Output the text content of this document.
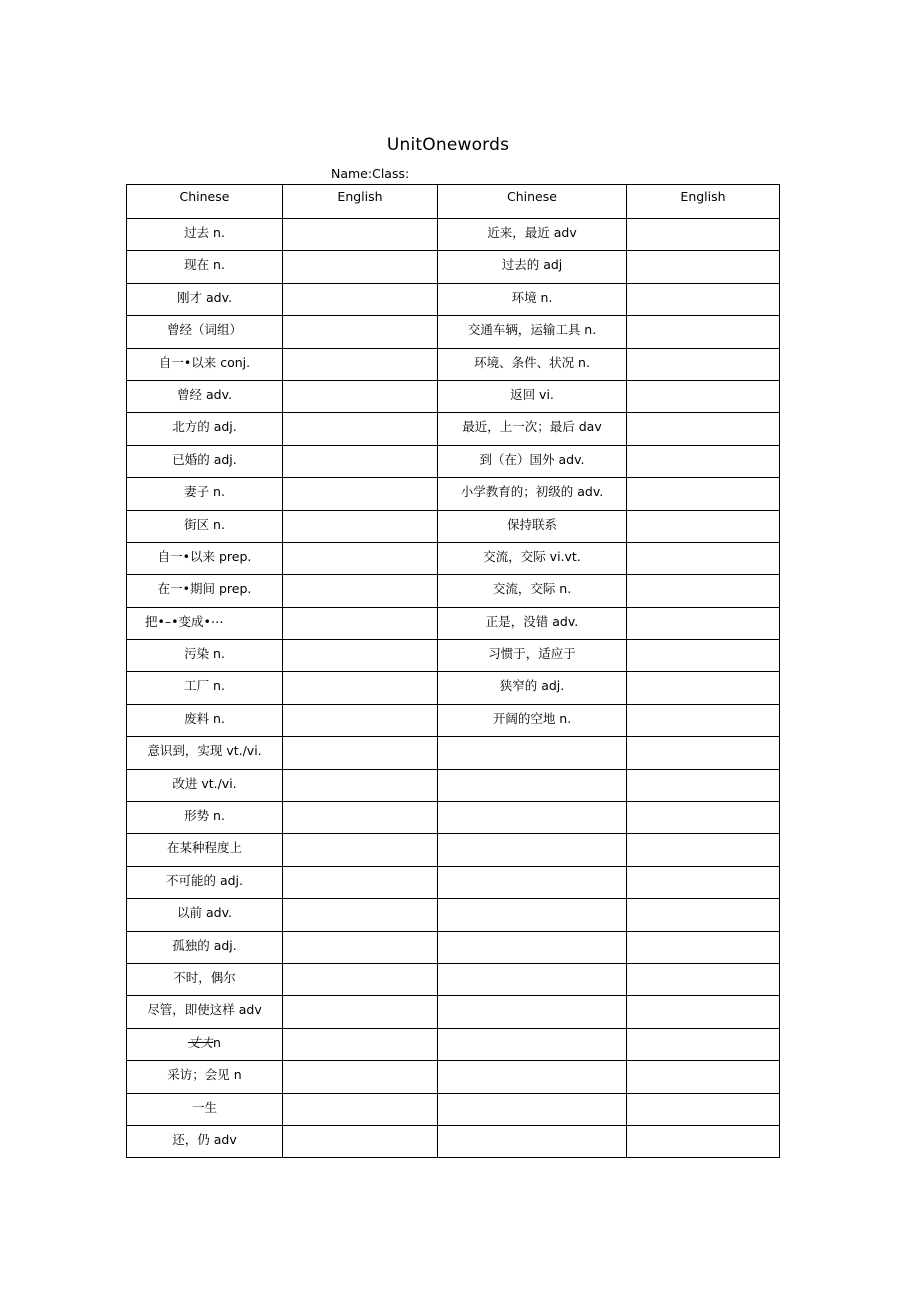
UnitOnewords
Name:Class:
Chinese	English	Chinese	English
过去 n.		近来，最近 adv	
现在 n.		过去的 adj	
刚才 adv.		环境 n.	
曾经（词组）		交通车辆，运输工具 n.	
自一•以来 conj.		环境、条件、状况 n.	
曾经 adv.		返回 vi.	
北方的 adj.		最近，上一次；最后 dav	
已婚的 adj.		到（在）国外 adv.	
妻子 n.		小学教育的；初级的 adv.	
街区 n.		保持联系	
自一•以来 prep.		交流，交际 vi.vt.	
在一•期间 prep.		交流，交际 n.	
把•–•变成•⋯		正是，没错 adv.	
污染 n.		习惯于，适应于	
工厂 n.		狭窄的 adj.	
废料 n.		开阔的空地 n.	
意识到，实现 vt./vi.			
改进 vt./vi.			
形势 n.			
在某种程度上			
不可能的 adj.			
以前 adv.			
孤独的 adj.			
不时，偶尔			
尽管，即使这样 adv			
丈夫n			
采访；会见 n			
一生			
还，仍 adv			
